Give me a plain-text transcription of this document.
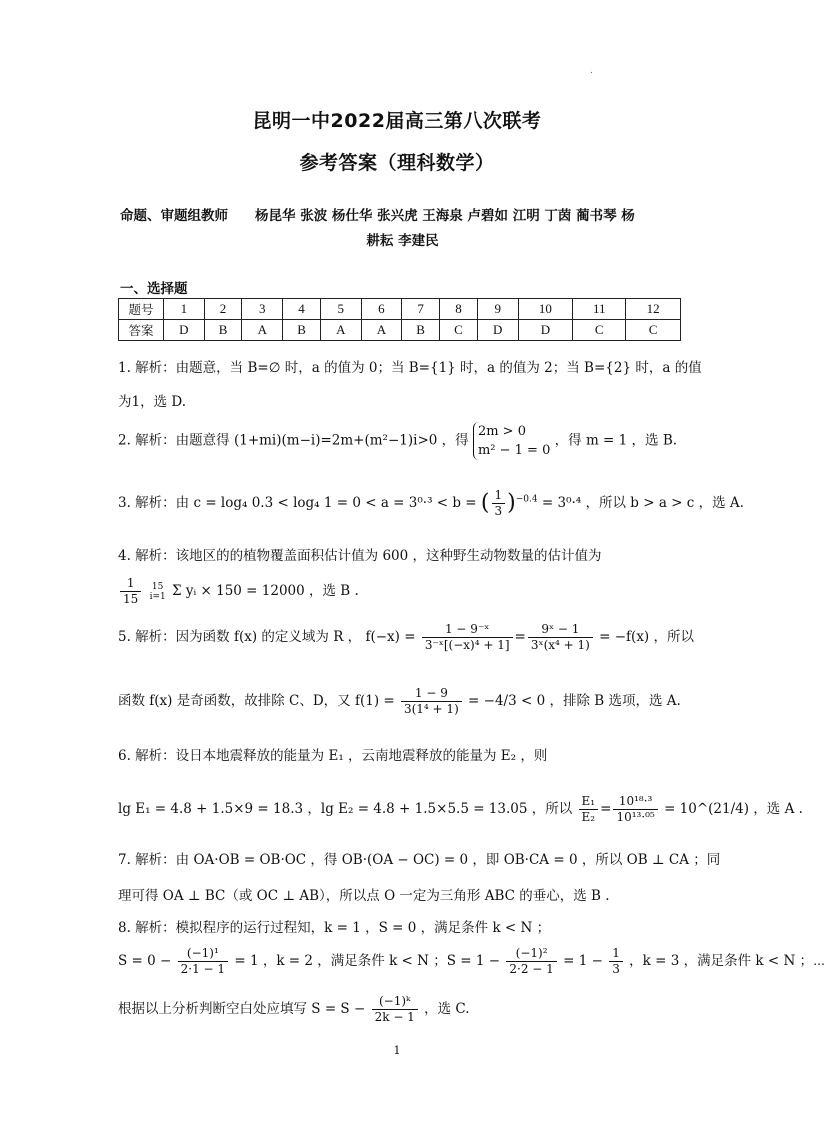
.
昆明一中2022届高三第八次联考
参考答案（理科数学）
命题、审题组教师　　杨昆华 张波 杨仕华 张兴虎 王海泉 卢碧如 江明 丁茵 蔺书琴 杨
耕耘 李建民
一、选择题
题号	1	2	3	4	5	6	7	8	9	10	11	12
答案	D	B	A	B	A	A	B	C	D	D	C	C
1. 解析：由题意，当 B=∅ 时，a 的值为 0；当 B={1} 时，a 的值为 2；当 B={2} 时，a 的值
为1，选 D.
2. 解析：由题意得 (1+mi)(m−i)=2m+(m²−1)i>0 ，得
2m > 0
m² − 1 = 0
，得 m = 1 ，选 B.
3. 解析：由 c = log₄ 0.3 < log₄ 1 = 0 < a = 3⁰·³ < b = ( $\frac{1}{3} )^{-0.4} = 3^0\cdot^4$ ，所以 b > a > c ，选 A.
4. 解析：该地区的的植物覆盖面积估计值为 600 ，这种野生动物数量的估计值为
$\frac{1}{15}$
15
i=1 Σ yᵢ × 150 = 12000 ，选 B .
5. 解析：因为函数 f(x) 的定义域为 R ， $f(-x) = \frac{\text{1 − 9⁻ˣ}}{\text{3⁻ˣ[(−x)⁴ + 1]}} = \frac{\text{9ˣ − 1}}{\text{3ˣ(x⁴ + 1)}} = -f(x)$ ，所以
函数 f(x) 是奇函数，故排除 C、D，又 $f(1) = \frac{1 - 9}{\text{3(1⁴ + 1)}} = -4/3 < 0$ ，排除 B 选项，选 A.
6. 解析：设日本地震释放的能量为 E₁ ，云南地震释放的能量为 E₂ ，则
lg E₁ = 4.8 + 1.5×9 = 18.3 ，lg E₂ = 4.8 + 1.5×5.5 = 13.05 ，所以 $\frac{\text{E₁}}{\text{E₂}} = \frac{\text{10¹⁸·³}}{\text{10¹³·⁰⁵}}$ = 10^(21/4) ，选 A .
7. 解析：由 OA·OB = OB·OC ，得 OB·(OA − OC) = 0 ，即 OB·CA = 0 ，所以 OB ⊥ CA ；同
理可得 OA ⊥ BC（或 OC ⊥ AB），所以点 O 一定为三角形 ABC 的垂心，选 B .
8. 解析：模拟程序的运行过程知，k = 1 ，S = 0 ，满足条件 k < N ；
$S = 0 - \frac{\text{(−1)¹}}{2\cdot 1 - 1} = 1$ ，k = 2 ，满足条件 k < N ；$S = 1 - \frac{\text{(−1)²}}{2\cdot 2 - 1} = 1 - \frac{1}{3}$ ，k = 3 ，满足条件 k < N ；⋯
根据以上分析判断空白处应填写 $S = S - \frac{\text{(−1)ᵏ}}{2k - 1}$ ，选 C.
1
